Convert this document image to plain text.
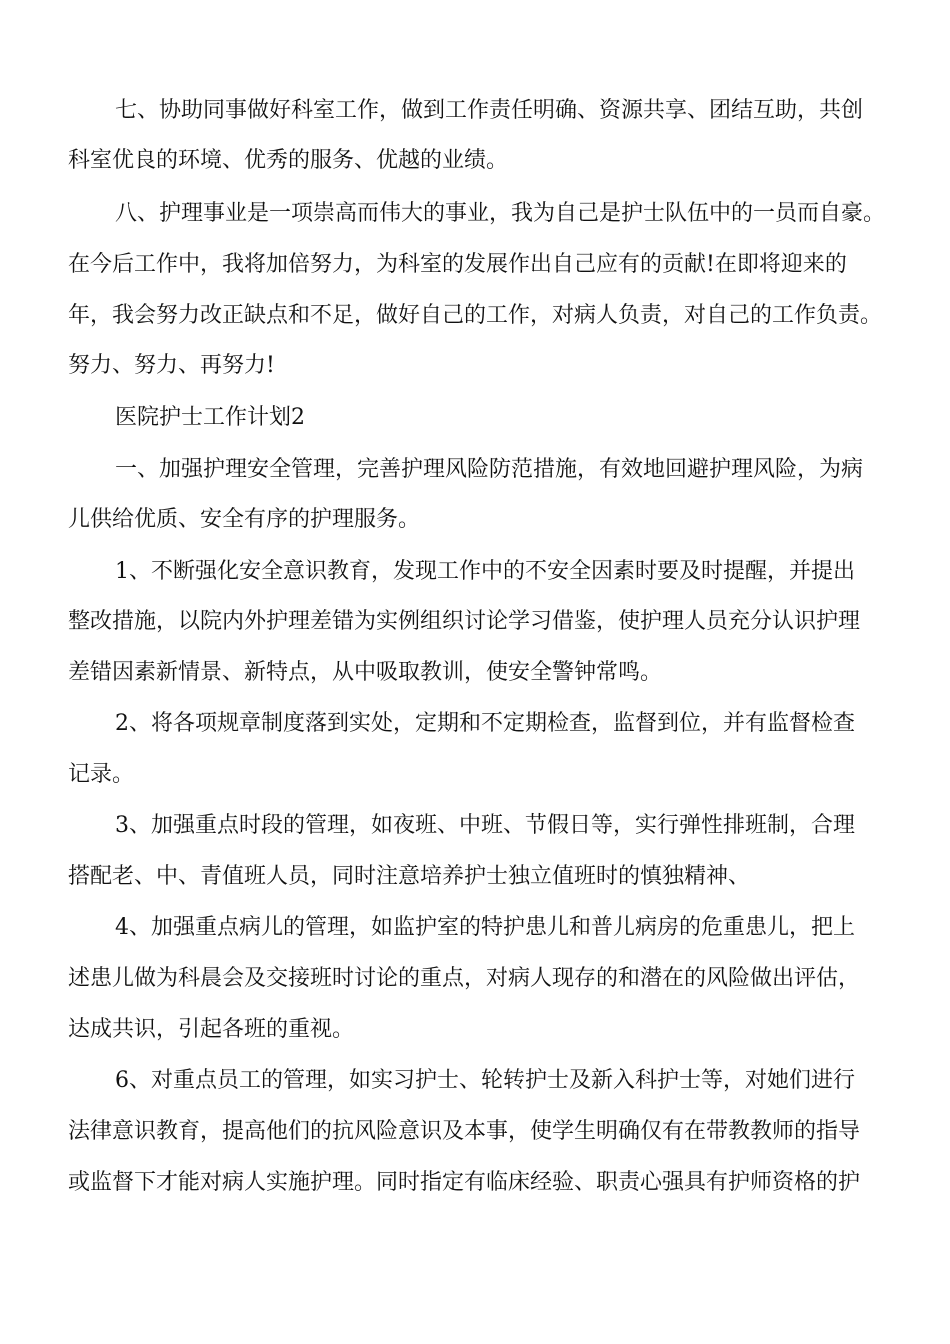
七、协助同事做好科室工作，做到工作责任明确、资源共享、团结互助，共创
科室优良的环境、优秀的服务、优越的业绩。
八、护理事业是一项崇高而伟大的事业，我为自己是护士队伍中的一员而自豪。
在今后工作中，我将加倍努力，为科室的发展作出自己应有的贡献!在即将迎来的
年，我会努力改正缺点和不足，做好自己的工作，对病人负责，对自己的工作负责。
努力、努力、再努力!
医院护士工作计划2
一、加强护理安全管理，完善护理风险防范措施，有效地回避护理风险，为病
儿供给优质、安全有序的护理服务。
1、不断强化安全意识教育，发现工作中的不安全因素时要及时提醒，并提出
整改措施，以院内外护理差错为实例组织讨论学习借鉴，使护理人员充分认识护理
差错因素新情景、新特点，从中吸取教训，使安全警钟常鸣。
2、将各项规章制度落到实处，定期和不定期检查，监督到位，并有监督检查
记录。
3、加强重点时段的管理，如夜班、中班、节假日等，实行弹性排班制，合理
搭配老、中、青值班人员，同时注意培养护士独立值班时的慎独精神、
4、加强重点病儿的管理，如监护室的特护患儿和普儿病房的危重患儿，把上
述患儿做为科晨会及交接班时讨论的重点，对病人现存的和潜在的风险做出评估，
达成共识，引起各班的重视。
6、对重点员工的管理，如实习护士、轮转护士及新入科护士等，对她们进行
法律意识教育，提高他们的抗风险意识及本事，使学生明确仅有在带教教师的指导
或监督下才能对病人实施护理。同时指定有临床经验、职责心强具有护师资格的护
